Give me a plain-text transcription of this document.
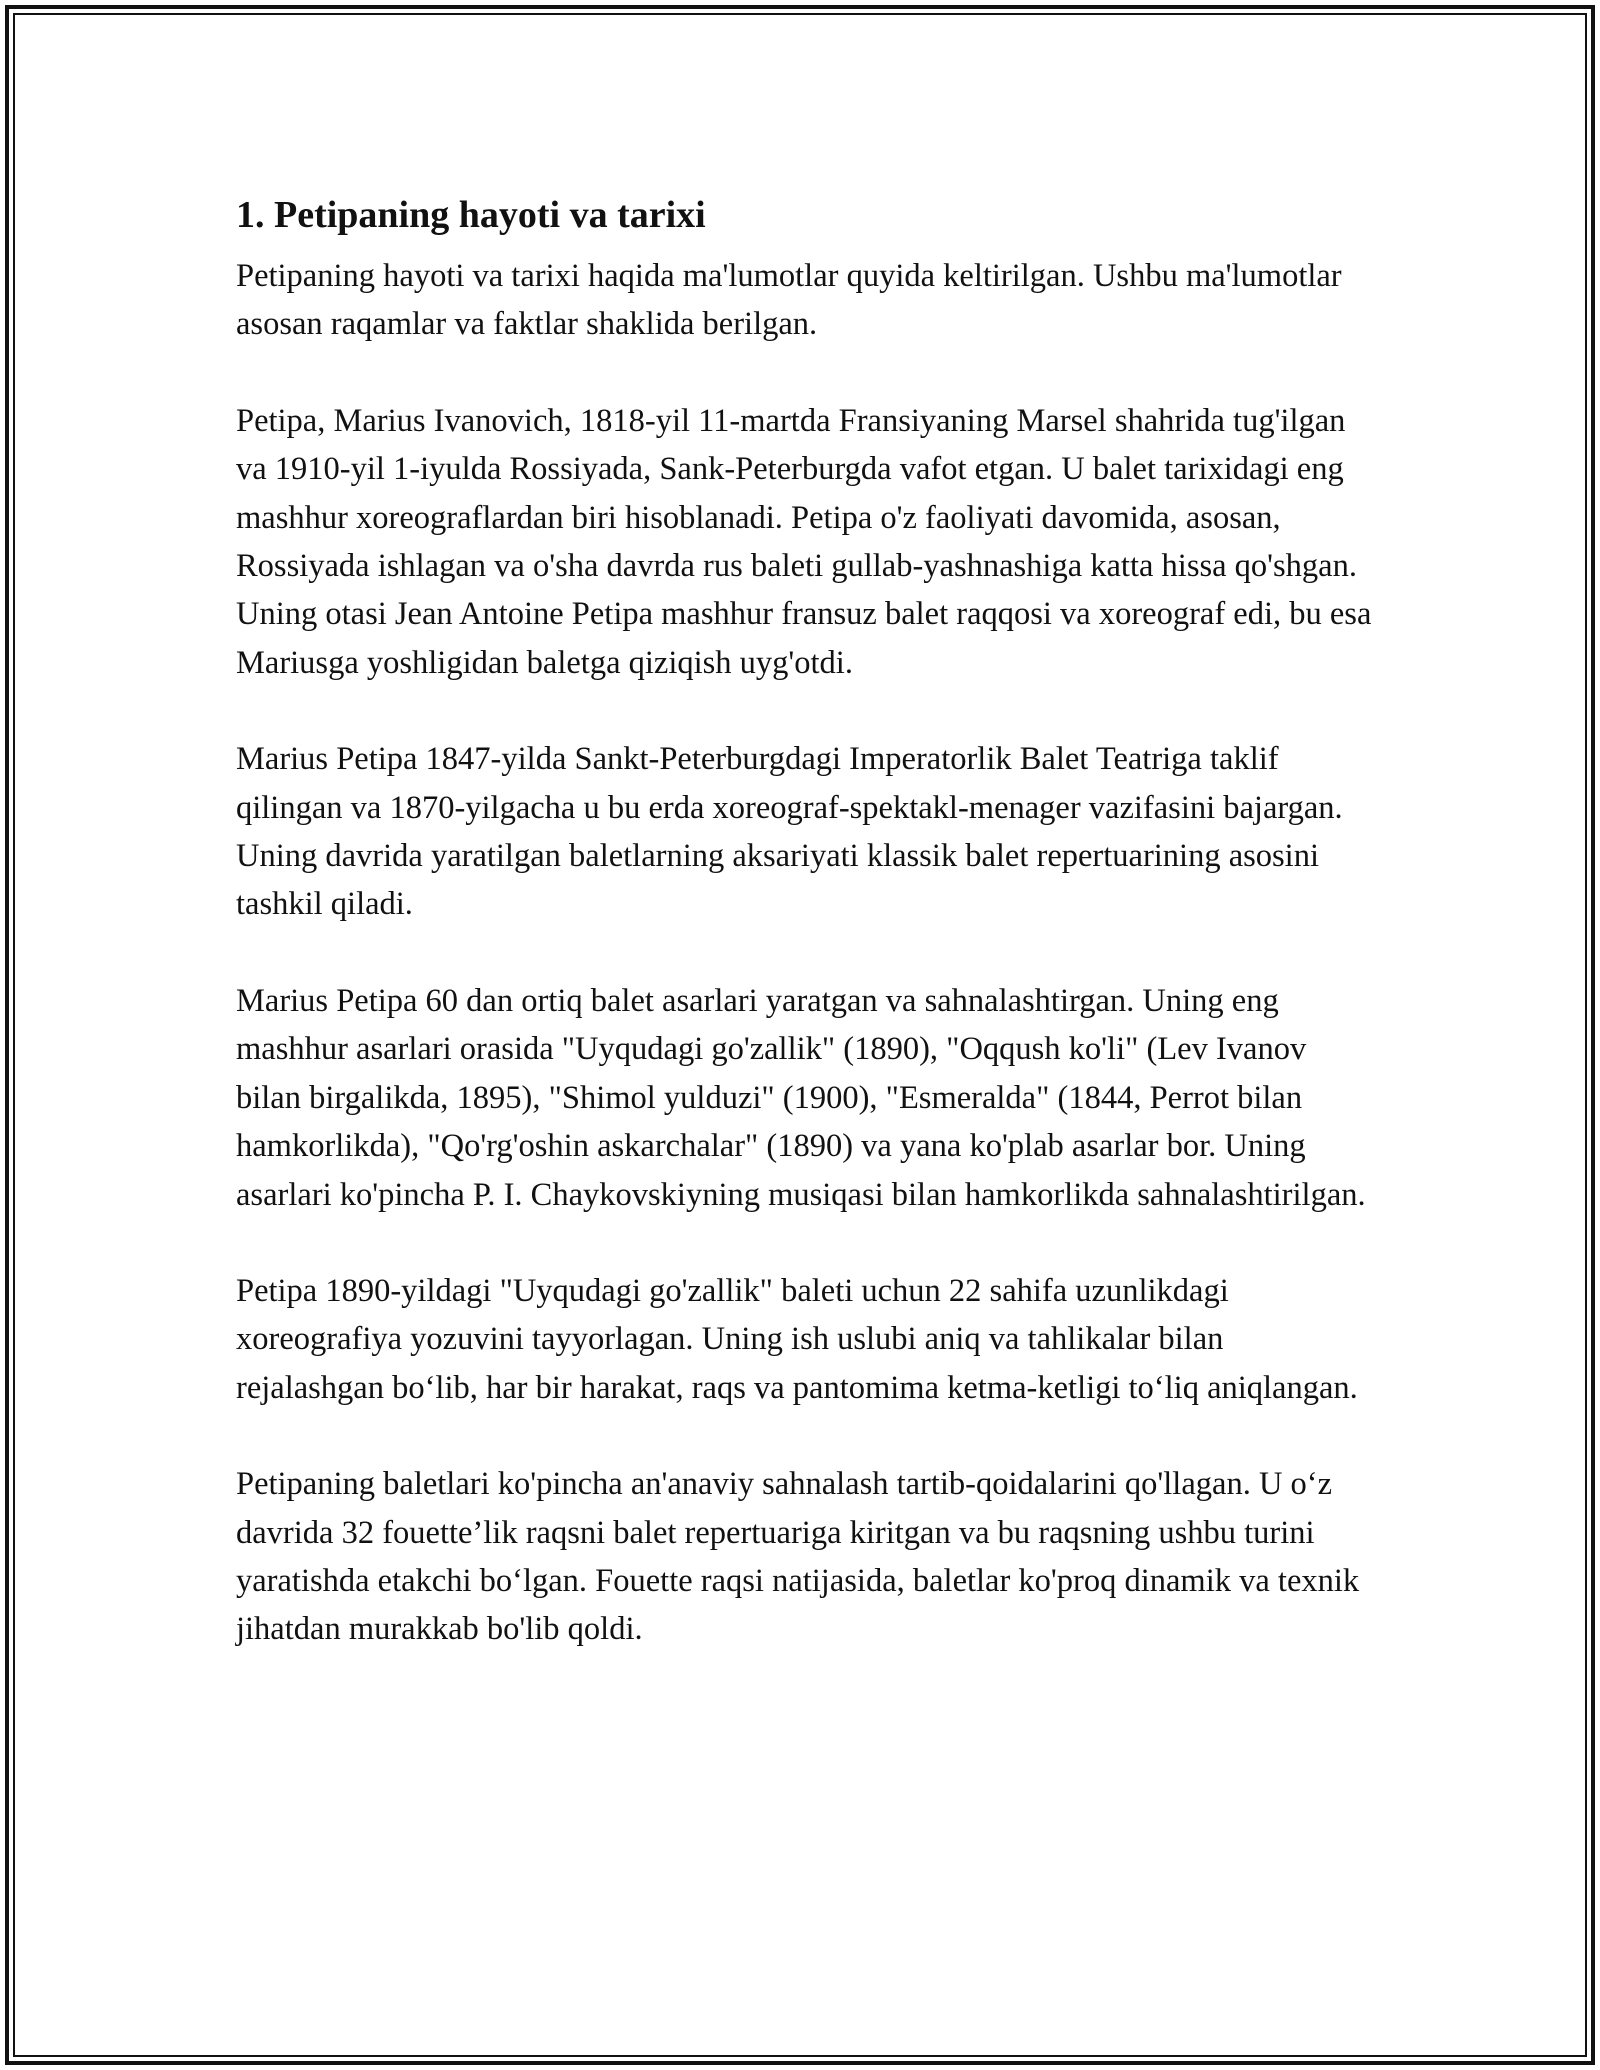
1. Petipaning hayoti va tarixi

Petipaning hayoti va tarixi haqida ma'lumotlar quyida keltirilgan. Ushbu ma'lumotlar asosan raqamlar va faktlar shaklida berilgan.

Petipa, Marius Ivanovich, 1818-yil 11-martda Fransiyaning Marsel shahrida tug'ilgan va 1910-yil 1-iyulda Rossiyada, Sank-Peterburgda vafot etgan. U balet tarixidagi eng mashhur xoreograflardan biri hisoblanadi. Petipa o'z faoliyati davomida, asosan, Rossiyada ishlagan va o'sha davrda rus baleti gullab-yashnashiga katta hissa qo'shgan. Uning otasi Jean Antoine Petipa mashhur fransuz balet raqqosi va xoreograf edi, bu esa Mariusga yoshligidan baletga qiziqish uyg'otdi.

Marius Petipa 1847-yilda Sankt-Peterburgdagi Imperatorlik Balet Teatriga taklif qilingan va 1870-yilgacha u bu erda xoreograf-spektakl-menager vazifasini bajargan. Uning davrida yaratilgan baletlarning aksariyati klassik balet repertuarining asosini tashkil qiladi.

Marius Petipa 60 dan ortiq balet asarlari yaratgan va sahnalashtirgan. Uning eng mashhur asarlari orasida "Uyqudagi go'zallik" (1890), "Oqqush ko'li" (Lev Ivanov bilan birgalikda, 1895), "Shimol yulduzi" (1900), "Esmeralda" (1844, Perrot bilan hamkorlikda), "Qo'rg'oshin askarchalar" (1890) va yana ko'plab asarlar bor. Uning asarlari ko'pincha P. I. Chaykovskiyning musiqasi bilan hamkorlikda sahnalashtirilgan.

Petipa 1890-yildagi "Uyqudagi go'zallik" baleti uchun 22 sahifa uzunlikdagi xoreografiya yozuvini tayyorlagan. Uning ish uslubi aniq va tahlikalar bilan rejalashgan bo‘lib, har bir harakat, raqs va pantomima ketma-ketligi to‘liq aniqlangan.

Petipaning baletlari ko'pincha an'anaviy sahnalash tartib-qoidalarini qo'llagan. U o‘z davrida 32 fouette’lik raqsni balet repertuariga kiritgan va bu raqsning ushbu turini yaratishda etakchi bo‘lgan. Fouette raqsi natijasida, baletlar ko'proq dinamik va texnik jihatdan murakkab bo'lib qoldi.
